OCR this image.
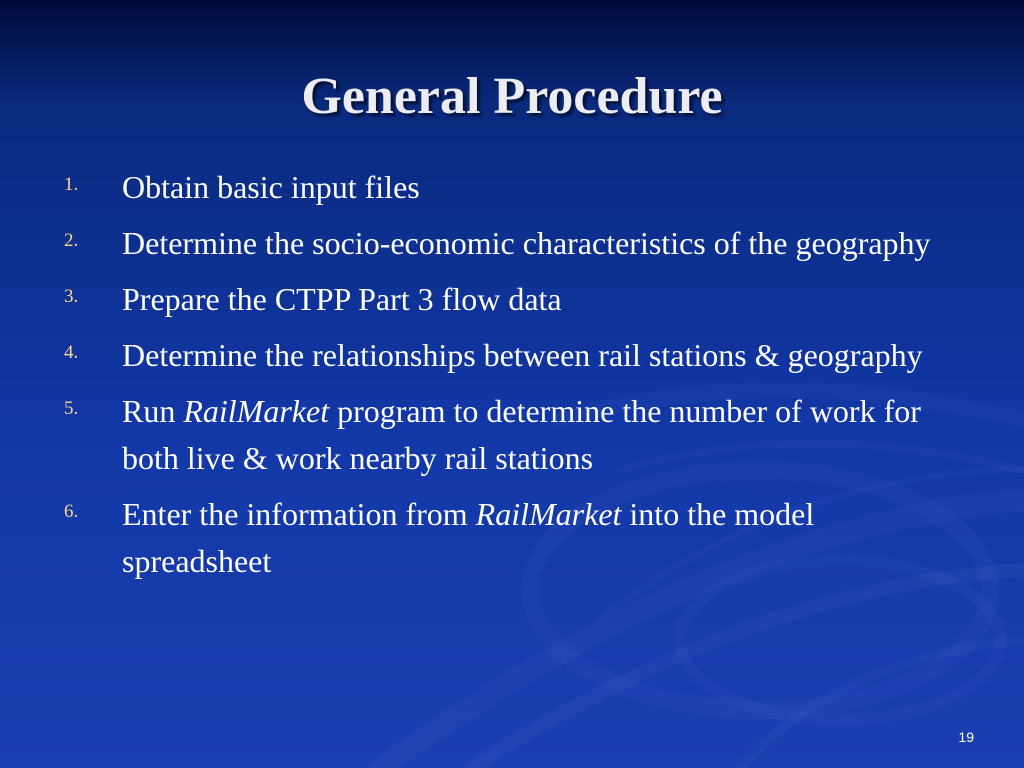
General Procedure
1. Obtain basic input files
2. Determine the socio-economic characteristics of the geography
3. Prepare the CTPP Part 3 flow data
4. Determine the relationships between rail stations & geography
5. Run RailMarket program to determine the number of work for both live & work nearby rail stations
6. Enter the information from RailMarket into the model spreadsheet
19
